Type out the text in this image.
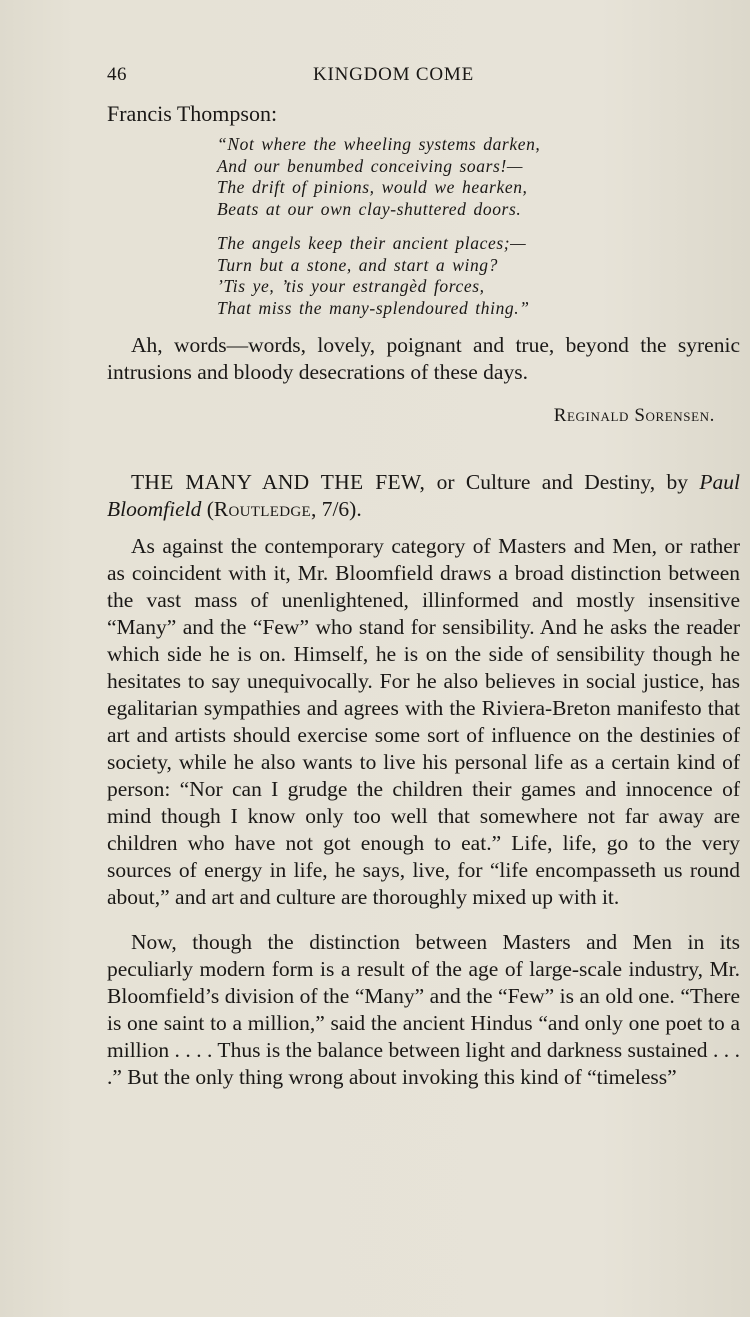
46	KINGDOM COME
Francis Thompson:
“Not where the wheeling systems darken,
And our benumbed conceiving soars!—
The drift of pinions, would we hearken,
Beats at our own clay-shuttered doors.
The angels keep their ancient places;—
Turn but a stone, and start a wing?
’Tis ye, ’tis your estrangèd forces,
That miss the many-splendoured thing.”

Ah, words—words, lovely, poignant and true, beyond the syrenic intrusions and bloody desecrations of these days.

Reginald Sorensen.
THE MANY AND THE FEW, or Culture and Destiny, by Paul Bloomfield (Routledge, 7/6).

As against the contemporary category of Masters and Men, or rather as coincident with it, Mr. Bloomfield draws a broad distinction between the vast mass of unenlightened, illinformed and mostly insensitive “Many” and the “Few” who stand for sensibility. And he asks the reader which side he is on. Himself, he is on the side of sensibility though he hesitates to say unequivocally. For he also believes in social justice, has egalitarian sympathies and agrees with the Riviera-Breton manifesto that art and artists should exercise some sort of influence on the destinies of society, while he also wants to live his personal life as a certain kind of person: “Nor can I grudge the children their games and innocence of mind though I know only too well that somewhere not far away are children who have not got enough to eat.” Life, life, go to the very sources of energy in life, he says, live, for “life encompasseth us round about,” and art and culture are thoroughly mixed up with it.

Now, though the distinction between Masters and Men in its peculiarly modern form is a result of the age of large-scale industry, Mr. Bloomfield’s division of the “Many” and the “Few” is an old one. “There is one saint to a million,” said the ancient Hindus “and only one poet to a million . . . . Thus is the balance between light and darkness sustained . . . .” But the only thing wrong about invoking this kind of “timeless”
